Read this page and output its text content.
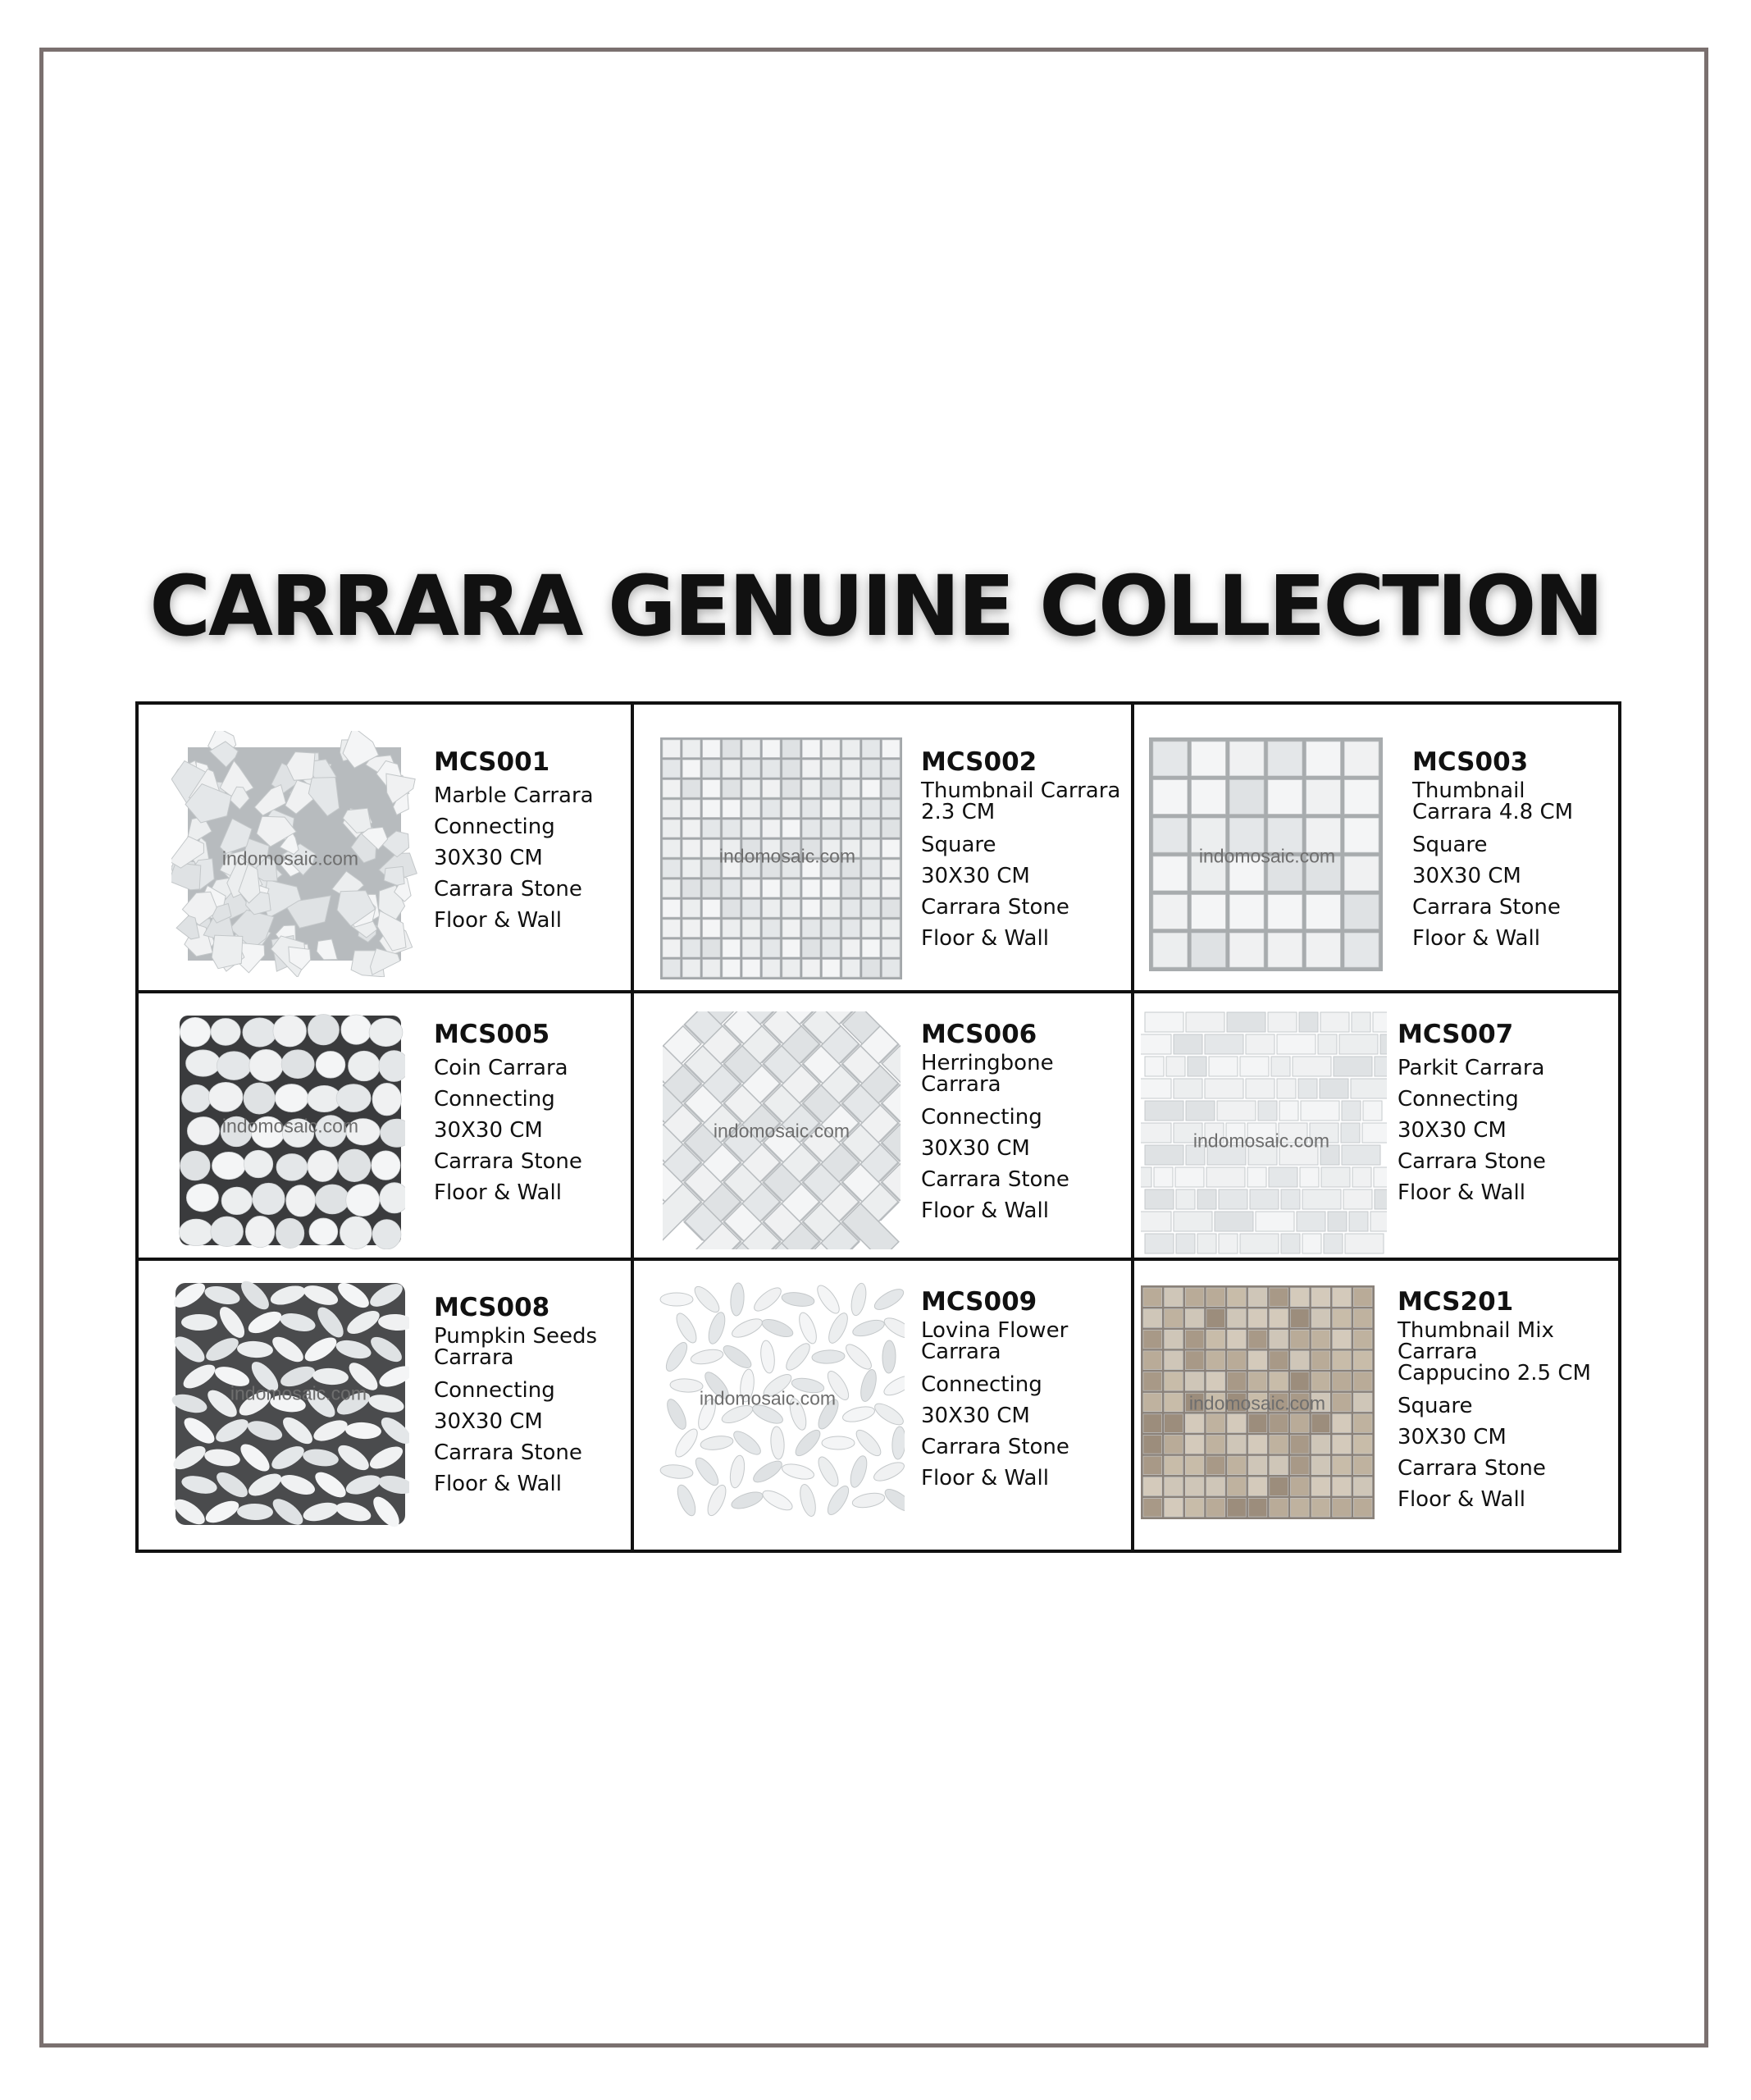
CARRARA GENUINE COLLECTION
indomosaic.com
MCS001
Marble Carrara
Connecting
30X30 CM
Carrara Stone
Floor & Wall
indomosaic.com
MCS002
Thumbnail Carrara
2.3 CM
Square
30X30 CM
Carrara Stone
Floor & Wall
indomosaic.com
MCS003
Thumbnail
Carrara 4.8 CM
Square
30X30 CM
Carrara Stone
Floor & Wall
indomosaic.com
MCS005
Coin Carrara
Connecting
30X30 CM
Carrara Stone
Floor & Wall
indomosaic.com
MCS006
Herringbone
Carrara
Connecting
30X30 CM
Carrara Stone
Floor & Wall
indomosaic.com
MCS007
Parkit Carrara
Connecting
30X30 CM
Carrara Stone
Floor & Wall
indomosaic.com
MCS008
Pumpkin Seeds
Carrara
Connecting
30X30 CM
Carrara Stone
Floor & Wall
indomosaic.com
MCS009
Lovina Flower
Carrara
Connecting
30X30 CM
Carrara Stone
Floor & Wall
indomosaic.com
MCS201
Thumbnail Mix
Carrara
Cappucino 2.5 CM
Square
30X30 CM
Carrara Stone
Floor & Wall
